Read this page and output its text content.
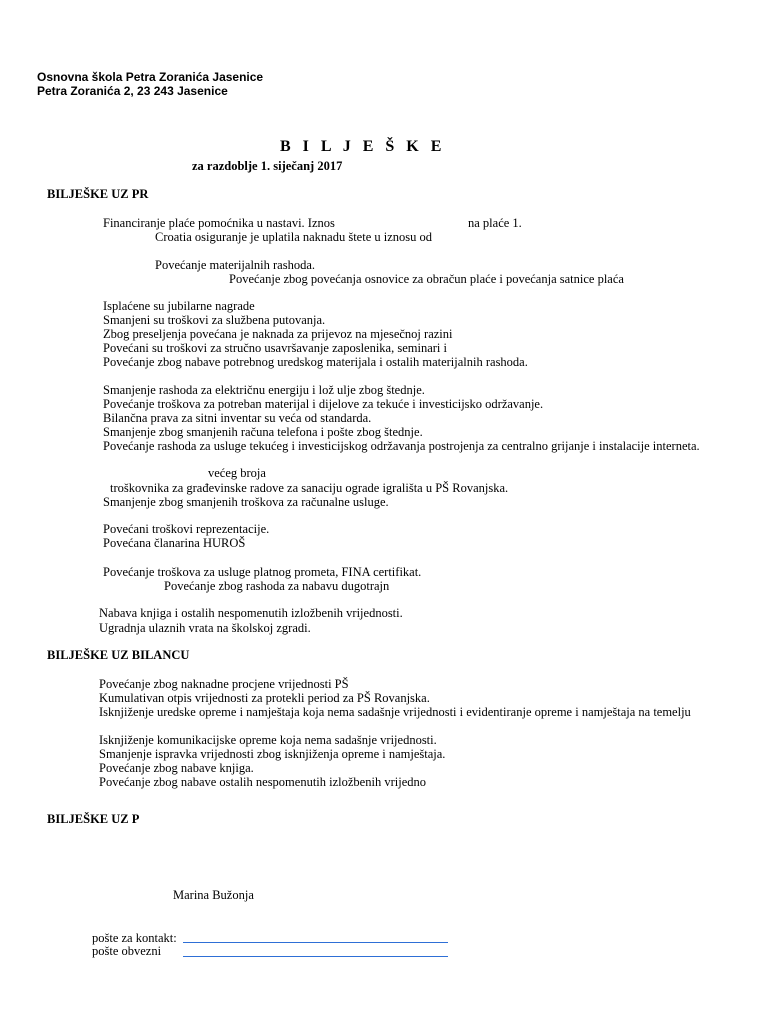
Osnovna škola Petra Zoranića Jasenice
Petra Zoranića 2, 23 243 Jasenice
B I L J E Š K E
za razdoblje 1. siječanj 2017
BILJEŠKE UZ PR
Financiranje plaće pomoćnika u nastavi. Iznos	na plaće 1.
Croatia osiguranje je uplatila naknadu štete u iznosu od
Povećanje materijalnih rashoda.
Povećanje zbog povećanja osnovice za obračun plaće i povećanja satnice plaća
Isplaćene su jubilarne nagrade
Smanjeni su troškovi za službena putovanja.
Zbog preseljenja povećana je naknada za prijevoz na mjesečnoj razini
Povećani su troškovi za stručno usavršavanje zaposlenika, seminari i
Povećanje zbog nabave potrebnog uredskog materijala i ostalih materijalnih rashoda.
Smanjenje rashoda za električnu energiju i lož ulje zbog štednje.
Povećanje troškova za potreban materijal i dijelove za tekuće i investicijsko održavanje.
Bilančna prava za sitni inventar su veća od standarda.
Smanjenje zbog smanjenih računa telefona i pošte zbog štednje.
Povećanje rashoda za usluge tekućeg i investicijskog održavanja postrojenja za centralno grijanje i instalacije interneta.
većeg broja
troškovnika za građevinske radove za sanaciju ograde igrališta u PŠ Rovanjska.
Smanjenje zbog smanjenih troškova za računalne usluge.
Povećani troškovi reprezentacije.
Povećana članarina HUROŠ
Povećanje troškova za usluge platnog prometa, FINA certifikat.
Povećanje zbog rashoda za nabavu dugotrajn
Nabava knjiga i ostalih nespomenutih izložbenih vrijednosti.
Ugradnja ulaznih vrata na školskoj zgradi.
BILJEŠKE UZ BILANCU
Povećanje zbog naknadne procjene vrijednosti PŠ
Kumulativan otpis vrijednosti za protekli period za PŠ Rovanjska.
Isknjiženje uredske opreme i namještaja koja nema sadašnje vrijednosti i evidentiranje opreme i namještaja na temelju
Isknjiženje komunikacijske opreme koja nema sadašnje vrijednosti.
Smanjenje ispravka vrijednosti zbog isknjiženja opreme i namještaja.
Povećanje zbog nabave knjiga.
Povećanje zbog nabave ostalih nespomenutih izložbenih vrijedno
BILJEŠKE UZ P
Marina Bužonja
pošte za kontakt:
pošte obvezni
